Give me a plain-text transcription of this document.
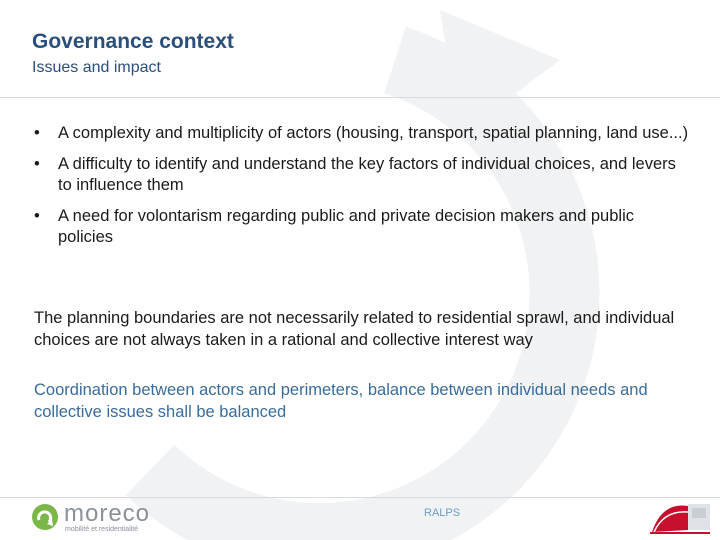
Governance context
Issues and impact
• A complexity and multiplicity of actors (housing, transport, spatial planning, land use...)
• A difficulty to identify and understand the key factors of individual choices, and levers to influence them
• A need for volontarism regarding public and private decision makers and public policies

The planning boundaries are not necessarily related to residential sprawl, and individual choices are not always taken in a rational and collective interest way

Coordination between actors and perimeters, balance between individual needs and collective issues shall be balanced

moreco
mobilité et residentialité
RALPS
